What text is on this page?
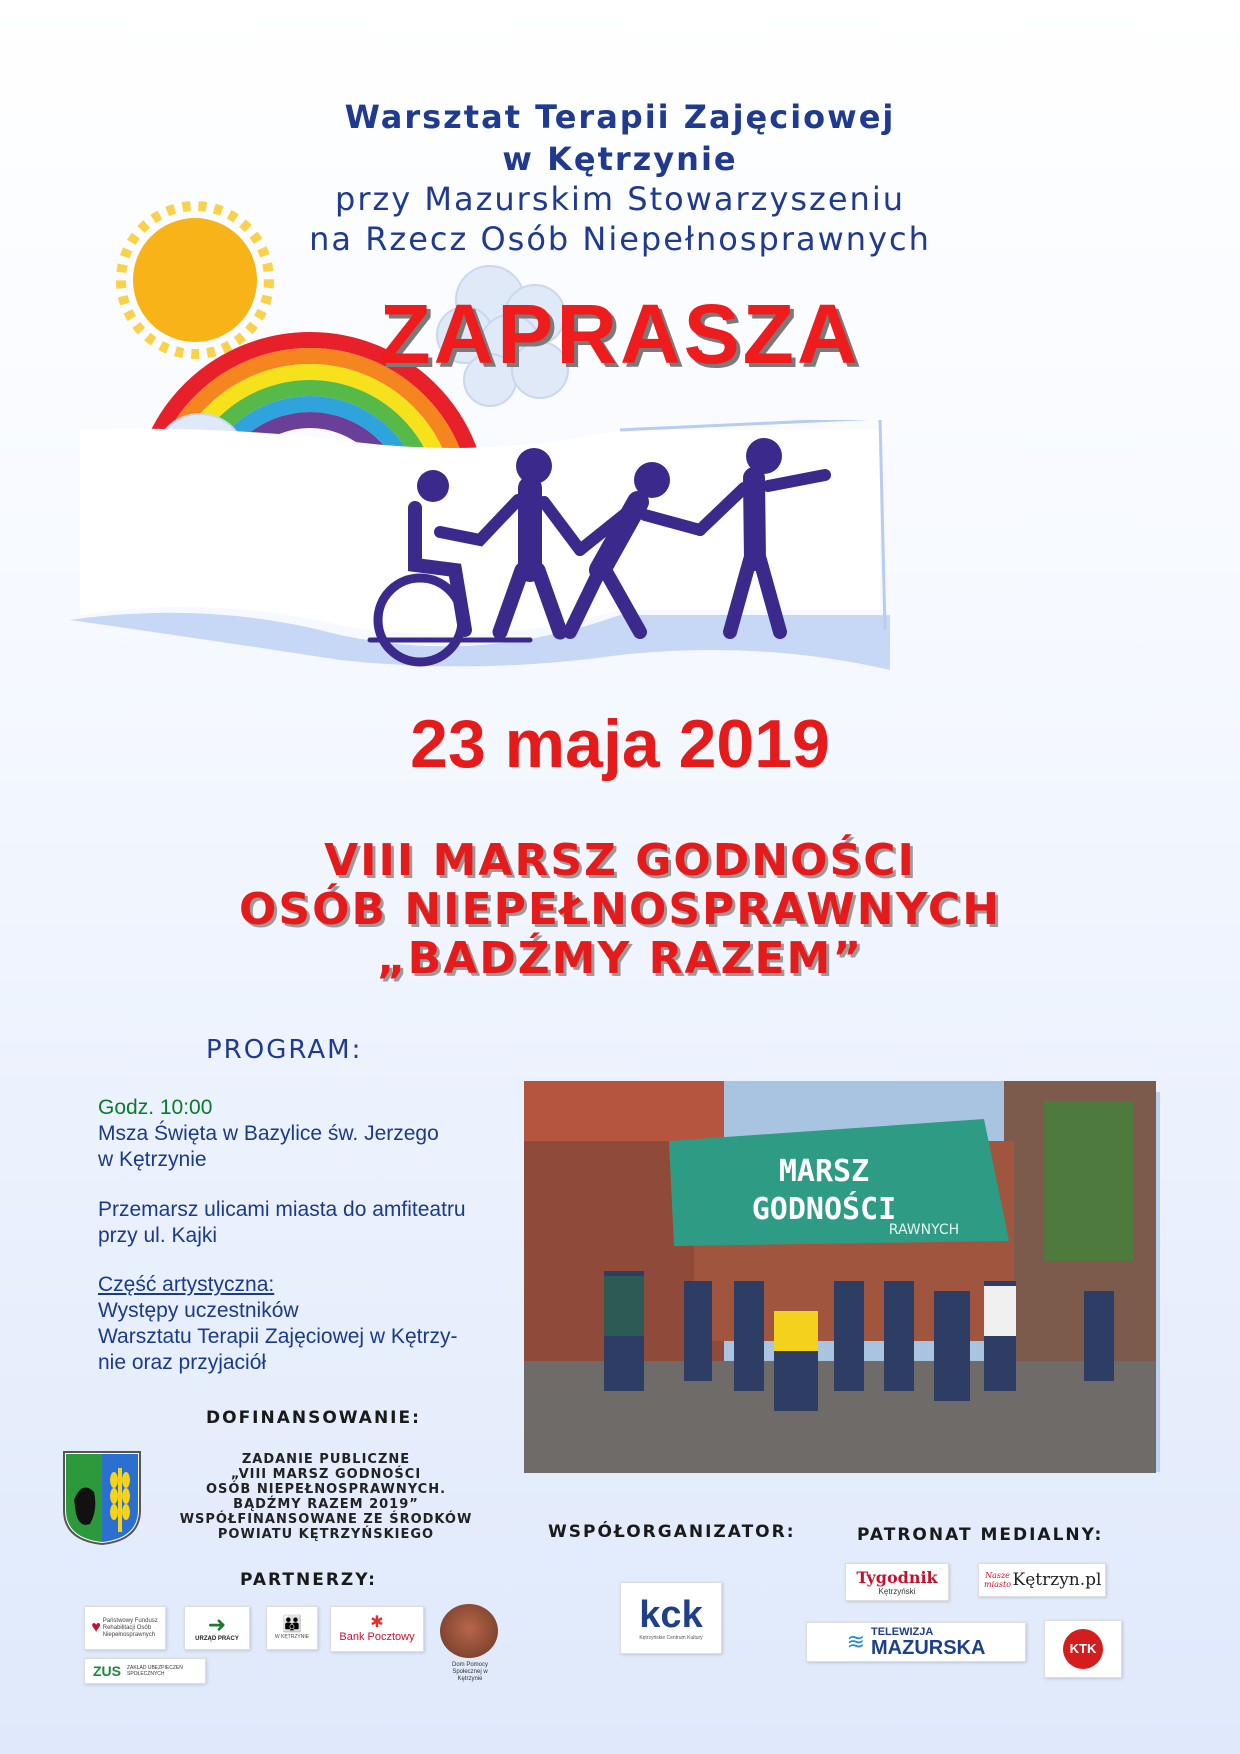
Warsztat Terapii Zajęciowej
w Kętrzynie
przy Mazurskim Stowarzyszeniu
na Rzecz Osób Niepełnosprawnych
ZAPRASZA
23 maja 2019
VIII MARSZ GODNOŚCI
OSÓB NIEPEŁNOSPRAWNYCH
„BADŹMY RAZEM”
PROGRAM:
Godz. 10:00
Msza Święta w Bazylice św. Jerzego
w Kętrzynie
Przemarsz ulicami miasta do amfiteatru
przy ul. Kajki
Część artystyczna:
Występy uczestników
Warsztatu Terapii Zajęciowej w Kętrzy-
nie oraz przyjaciół
MARSZ
GODNOŚCI
RAWNYCH
DOFINANSOWANIE:
ZADANIE PUBLICZNE
„VIII MARSZ GODNOŚCI
OSÓB NIEPEŁNOSPRAWNYCH.
BĄDŹMY RAZEM 2019”
WSPÓŁFINANSOWANE ZE ŚRODKÓW
POWIATU KĘTRZYŃSKIEGO
PARTNERZY:
♥ Państwowy Fundusz Rehabilitacji Osób Niepełnosprawnych ➜
URZĄD PRACY
👪
W KĘTRZYNIE
✱
Bank Pocztowy
Dom Pomocy Społecznej w Kętrzynie
ZUS ZAKŁAD UBEZPIECZEŃ SPOŁECZNYCH
WSPÓŁORGANIZATOR:
kck
Kętrzyńskie Centrum Kultury
PATRONAT MEDIALNY:
Tygodnik
Kętrzyński
Nasze miasto Kętrzyn.pl
≋ TELEWIZJA
MAZURSKA	KTK
